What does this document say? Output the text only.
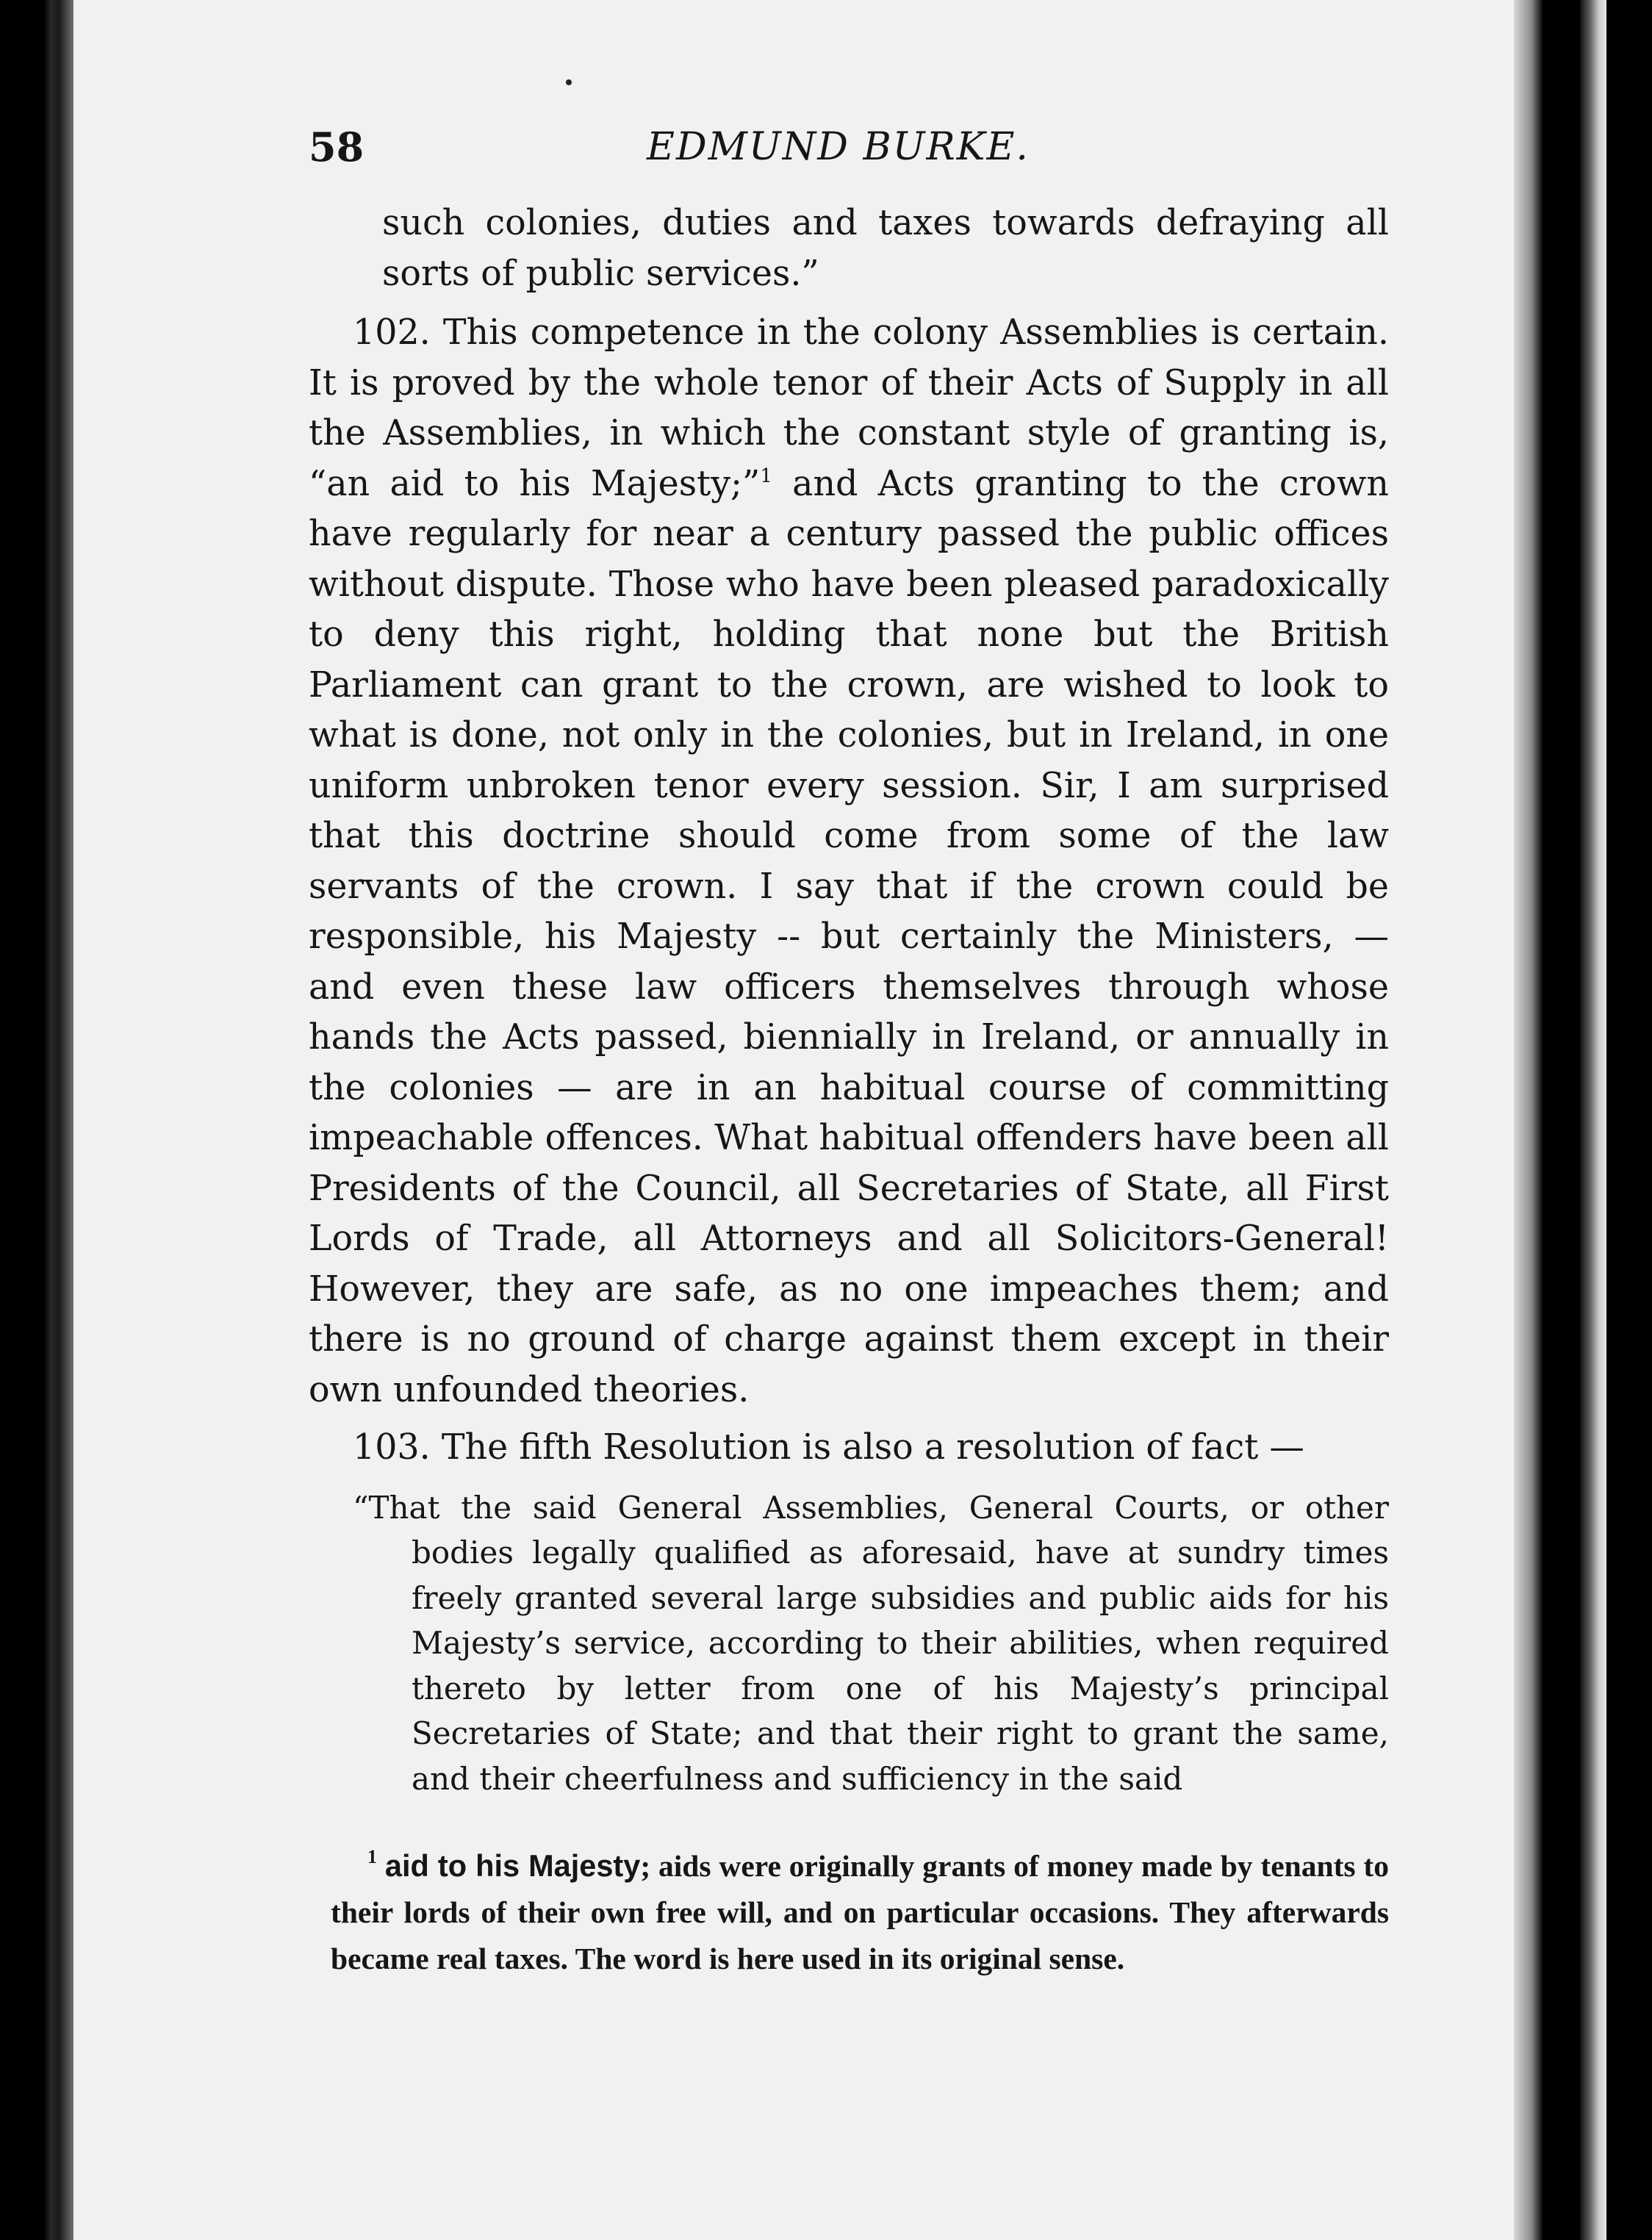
58	EDMUND BURKE.

such colonies, duties and taxes towards defraying all sorts of public services.”

102. This competence in the colony Assemblies is certain. It is proved by the whole tenor of their Acts of Supply in all the Assemblies, in which the constant style of granting is, “an aid to his Majesty;”$^1$ and Acts granting to the crown have regularly for near a century passed the public offices without dispute. Those who have been pleased paradoxically to deny this right, holding that none but the British Parliament can grant to the crown, are wished to look to what is done, not only in the colonies, but in Ireland, in one uniform unbroken tenor every session. Sir, I am surprised that this doctrine should come from some of the law servants of the crown. I say that if the crown could be responsible, his Majesty -- but certainly the Ministers, — and even these law officers themselves through whose hands the Acts passed, biennially in Ireland, or annually in the colonies — are in an habitual course of committing impeachable offences. What habitual offenders have been all Presidents of the Council, all Secretaries of State, all First Lords of Trade, all Attorneys and all Solicitors-General! However, they are safe, as no one impeaches them; and there is no ground of charge against them except in their own unfounded theories.

103. The fifth Resolution is also a resolution of fact —

“That the said General Assemblies, General Courts, or other bodies legally qualified as aforesaid, have at sundry times freely granted several large subsidies and public aids for his Majesty’s service, according to their abilities, when required thereto by letter from one of his Majesty’s principal Secretaries of State; and that their right to grant the same, and their cheerfulness and sufficiency in the said

$^1$ aid to his Majesty; aids were originally grants of money made by tenants to their lords of their own free will, and on particular occasions. They afterwards became real taxes. The word is here used in its original sense.
